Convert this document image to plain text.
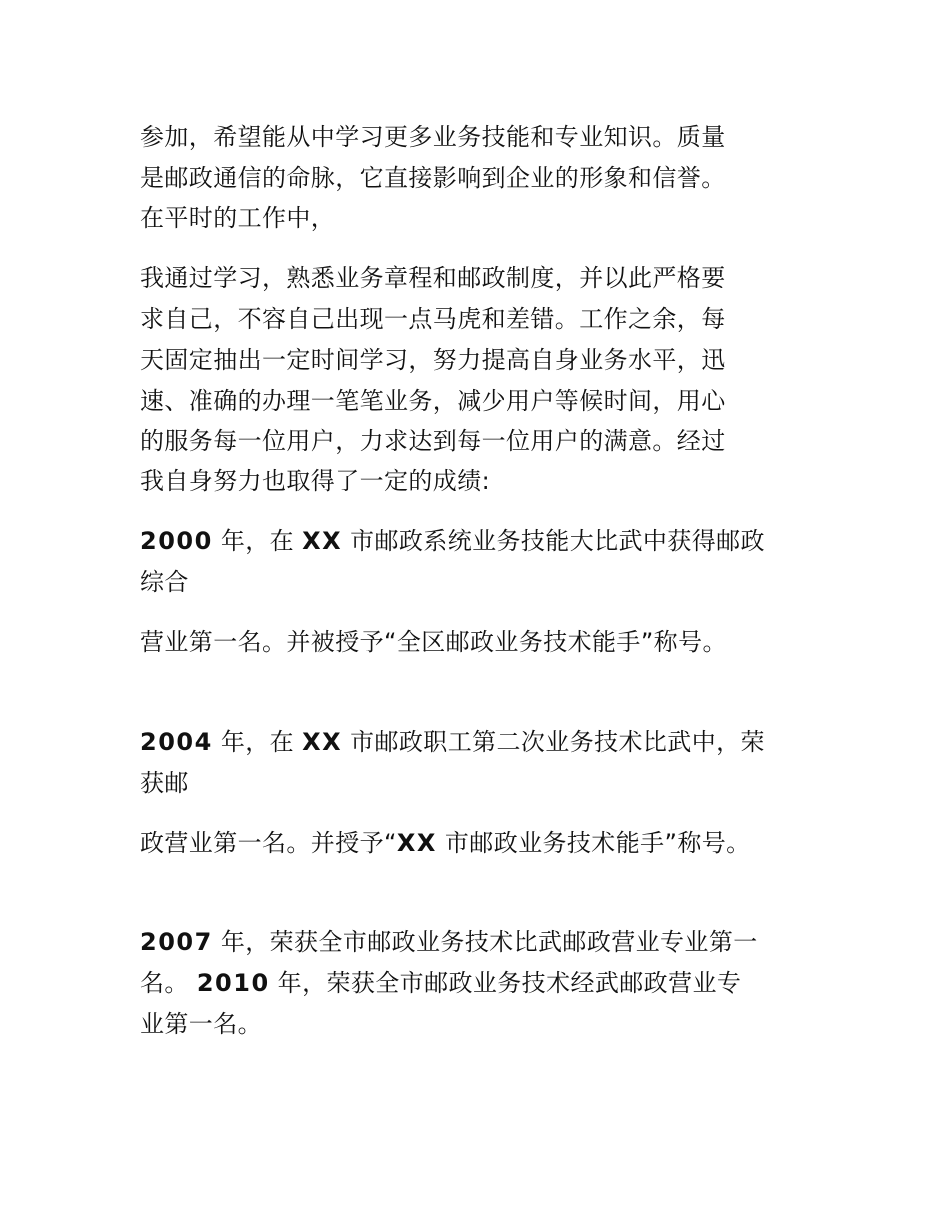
参加，希望能从中学习更多业务技能和专业知识。质量
是邮政通信的命脉，它直接影响到企业的形象和信誉。
在平时的工作中，
我通过学习，熟悉业务章程和邮政制度，并以此严格要
求自己，不容自己出现一点马虎和差错。工作之余，每
天固定抽出一定时间学习，努力提高自身业务水平，迅
速、准确的办理一笔笔业务，减少用户等候时间，用心
的服务每一位用户，力求达到每一位用户的满意。经过
我自身努力也取得了一定的成绩:
2000 年，在 XX 市邮政系统业务技能大比武中获得邮政
综合
营业第一名。并被授予“全区邮政业务技术能手”称号。
2004 年，在 XX 市邮政职工第二次业务技术比武中，荣
获邮
政营业第一名。并授予“XX 市邮政业务技术能手”称号。
2007 年，荣获全市邮政业务技术比武邮政营业专业第一
名。 2010 年，荣获全市邮政业务技术经武邮政营业专
业第一名。
